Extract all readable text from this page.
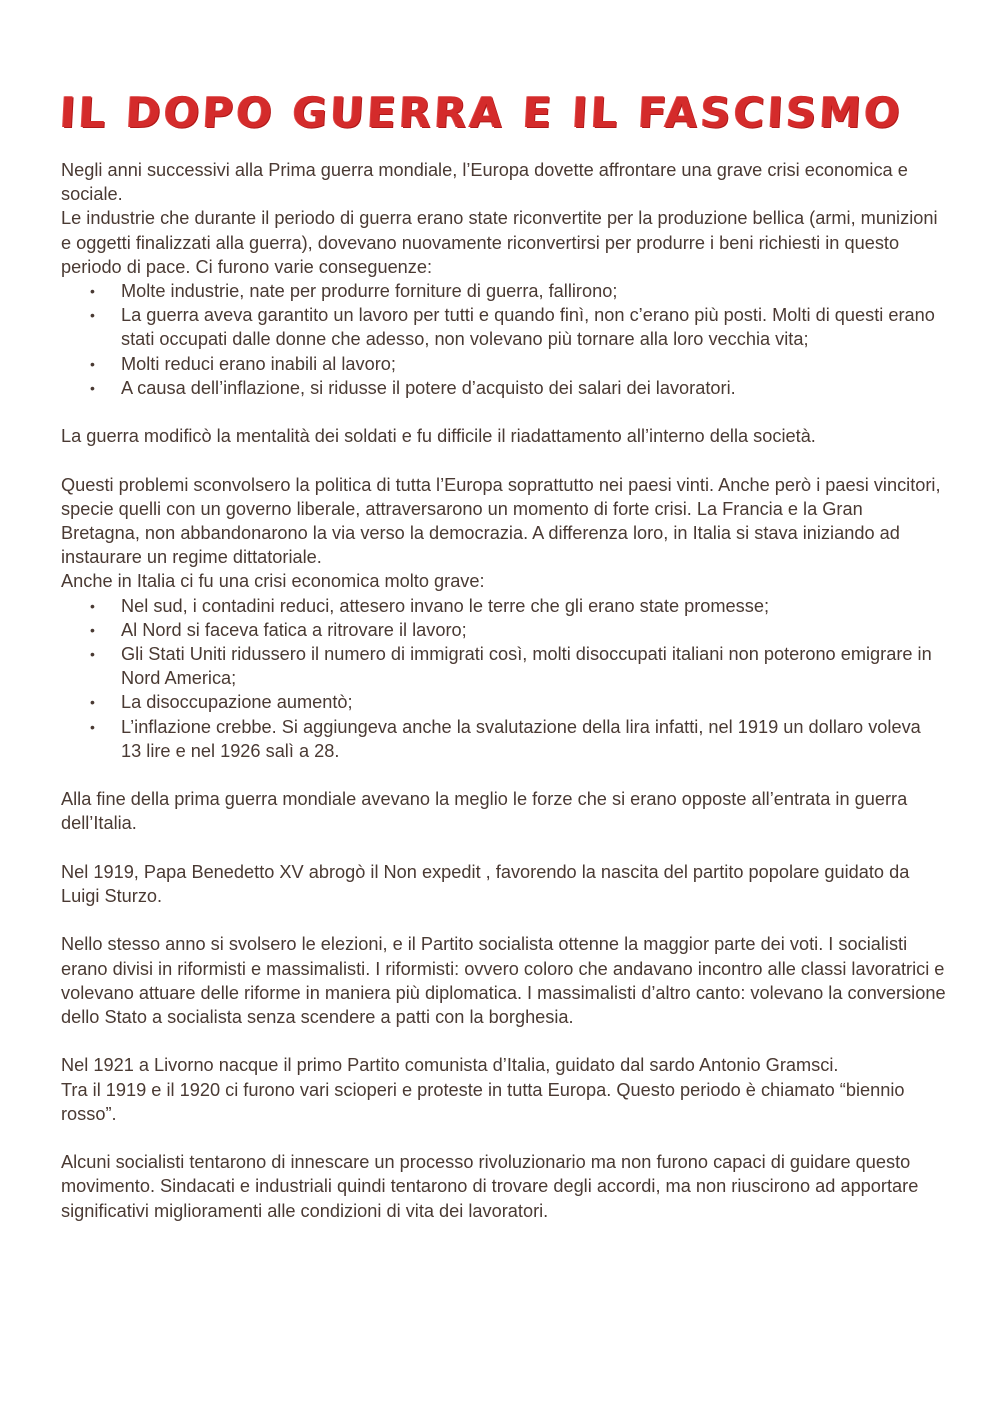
IL DOPO GUERRA E IL FASCISMO

Negli anni successivi alla Prima guerra mondiale, l’Europa dovette affrontare una grave crisi economica e sociale.

Le industrie che durante il periodo di guerra erano state riconvertite per la produzione bellica (armi, munizioni e oggetti finalizzati alla guerra), dovevano nuovamente riconvertirsi per produrre i beni richiesti in questo periodo di pace. Ci furono varie conseguenze:

• Molte industrie, nate per produrre forniture di guerra, fallirono;
• La guerra aveva garantito un lavoro per tutti e quando finì, non c’erano più posti. Molti di questi erano stati occupati dalle donne che adesso, non volevano più tornare alla loro vecchia vita;
• Molti reduci erano inabili al lavoro;
• A causa dell’inflazione, si ridusse il potere d’acquisto dei salari dei lavoratori.

La guerra modificò la mentalità dei soldati e fu difficile il riadattamento all’interno della società.

Questi problemi sconvolsero la politica di tutta l’Europa soprattutto nei paesi vinti. Anche però i paesi vincitori, specie quelli con un governo liberale, attraversarono un momento di forte crisi. La Francia e la Gran Bretagna, non abbandonarono la via verso la democrazia. A differenza loro, in Italia si stava iniziando ad instaurare un regime dittatoriale.

Anche in Italia ci fu una crisi economica molto grave:

• Nel sud, i contadini reduci, attesero invano le terre che gli erano state promesse;
• Al Nord si faceva fatica a ritrovare il lavoro;
• Gli Stati Uniti ridussero il numero di immigrati così, molti disoccupati italiani non poterono emigrare in Nord America;
• La disoccupazione aumentò;
• L’inflazione crebbe. Si aggiungeva anche la svalutazione della lira infatti, nel 1919 un dollaro voleva 13 lire e nel 1926 salì a 28.

Alla fine della prima guerra mondiale avevano la meglio le forze che si erano opposte all’entrata in guerra dell’Italia.

Nel 1919, Papa Benedetto XV abrogò il Non expedit , favorendo la nascita del partito popolare guidato da Luigi Sturzo.

Nello stesso anno si svolsero le elezioni, e il Partito socialista ottenne la maggior parte dei voti. I socialisti erano divisi in riformisti e massimalisti. I riformisti: ovvero coloro che andavano incontro alle classi lavoratrici e volevano attuare delle riforme in maniera più diplomatica. I massimalisti d’altro canto: volevano la conversione dello Stato a socialista senza scendere a patti con la borghesia.

Nel 1921 a Livorno nacque il primo Partito comunista d’Italia, guidato dal sardo Antonio Gramsci.

Tra il 1919 e il 1920 ci furono vari scioperi e proteste in tutta Europa. Questo periodo è chiamato “biennio rosso”.

Alcuni socialisti tentarono di innescare un processo rivoluzionario ma non furono capaci di guidare questo movimento. Sindacati e industriali quindi tentarono di trovare degli accordi, ma non riuscirono ad apportare significativi miglioramenti alle condizioni di vita dei lavoratori.
